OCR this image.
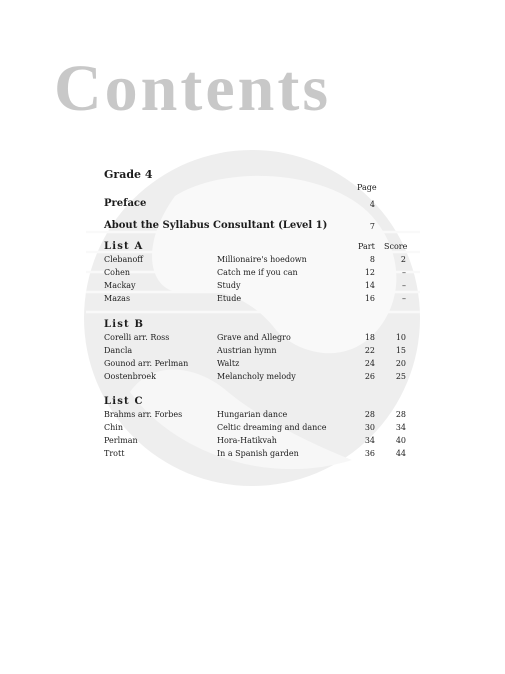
Contents
Grade 4
Page
Preface	4
About the Syllabus Consultant (Level 1)	7
List A	Part Score
Clebanoff	Millionaire's hoedown	8	2
Cohen	Catch me if you can	12	–
Mackay	Study	14	–
Mazas	Etude	16	–
List B
Corelli arr. Ross	Grave and Allegro	18	10
Dancla	Austrian hymn	22	15
Gounod arr. Perlman	Waltz	24	20
Oostenbroek	Melancholy melody	26	25
List C
Brahms arr. Forbes	Hungarian dance	28	28
Chin	Celtic dreaming and dance	30	34
Perlman	Hora-Hatikvah	34	40
Trott	In a Spanish garden	36	44
